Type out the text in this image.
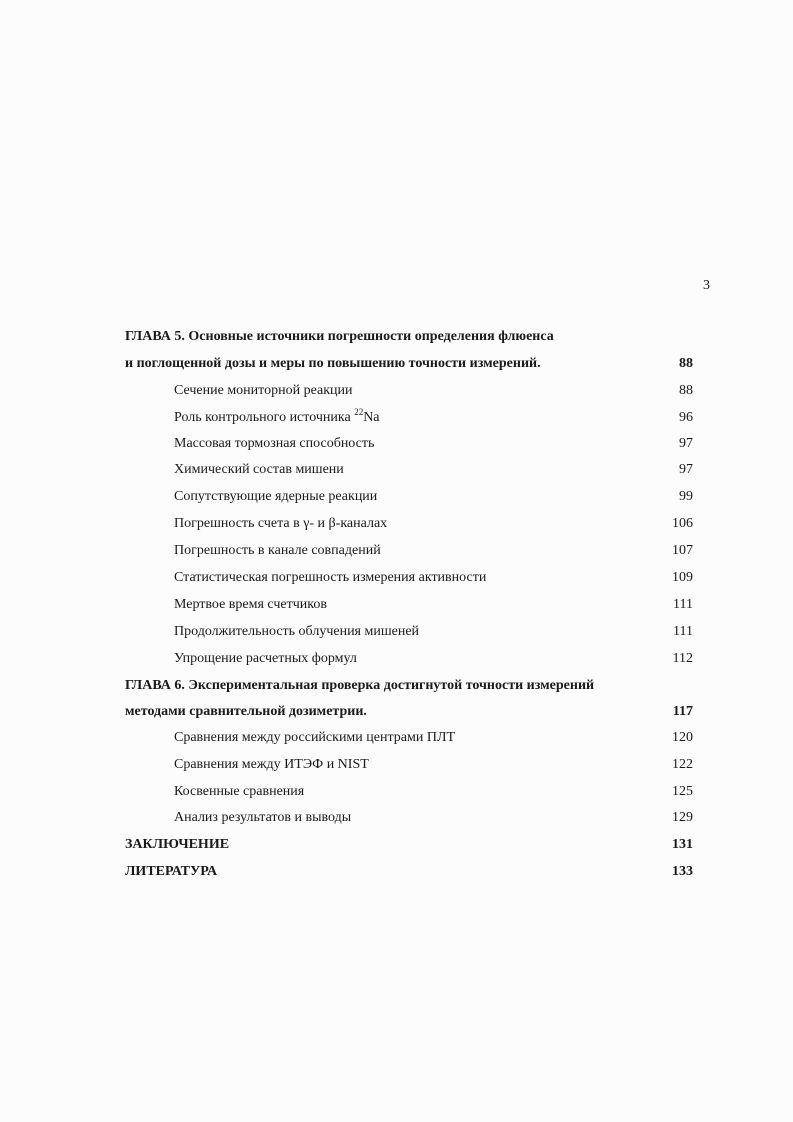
3
ГЛАВА 5. Основные источники погрешности определения флюенса
и поглощенной дозы и меры по повышению точности измерений.	88
Сечение мониторной реакции	88
Роль контрольного источника $^{22}$Na	96
Массовая тормозная способность	97
Химический состав мишени	97
Сопутствующие ядерные реакции	99
Погрешность счета в γ- и β-каналах	106
Погрешность в канале совпадений	107
Статистическая погрешность измерения активности	109
Мертвое время счетчиков	111
Продолжительность облучения мишеней	111
Упрощение расчетных формул	112
ГЛАВА 6. Экспериментальная проверка достигнутой точности измерений
методами сравнительной дозиметрии.	117
Сравнения между российскими центрами ПЛТ	120
Сравнения между ИТЭФ и NIST	122
Косвенные сравнения	125
Анализ результатов и выводы	129
ЗАКЛЮЧЕНИЕ	131
ЛИТЕРАТУРА	133
